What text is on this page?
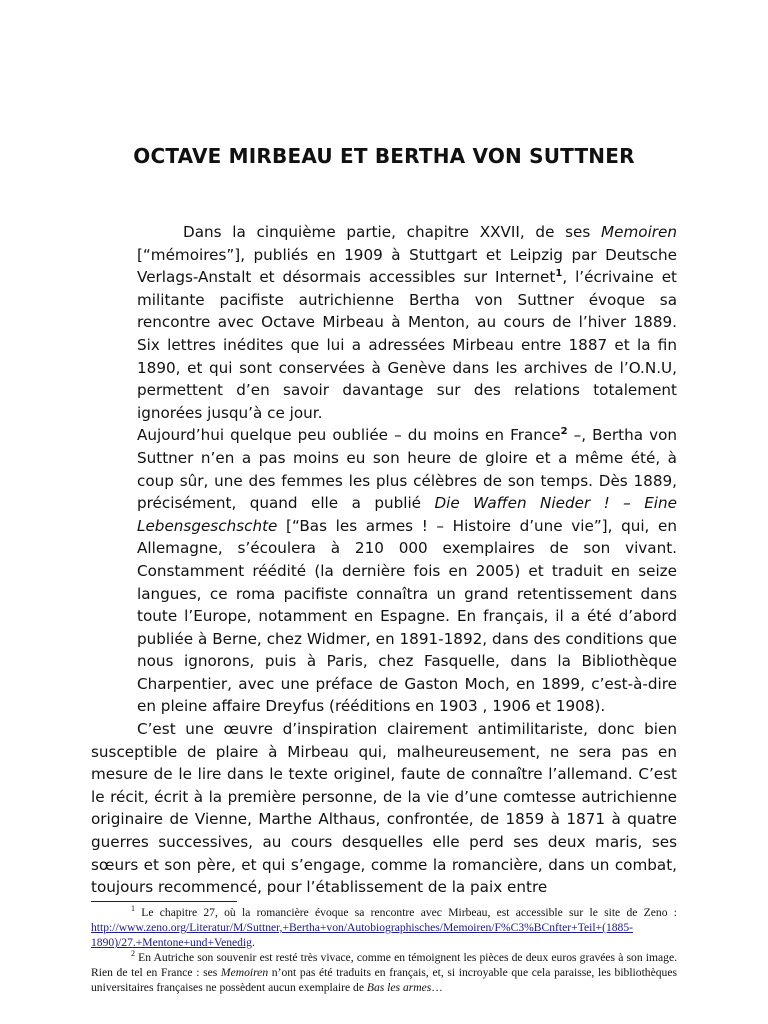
OCTAVE MIRBEAU ET BERTHA VON SUTTNER

Dans la cinquième partie, chapitre XXVII, de ses Memoiren [“mémoires”], publiés en 1909 à Stuttgart et Leipzig par Deutsche Verlags-Anstalt et désormais accessibles sur Internet$^1$, l’écrivaine et militante pacifiste autrichienne Bertha von Suttner évoque sa rencontre avec Octave Mirbeau à Menton, au cours de l’hiver 1889. Six lettres inédites que lui a adressées Mirbeau entre 1887 et la fin 1890, et qui sont conservées à Genève dans les archives de l’O.N.U, permettent d’en savoir davantage sur des relations totalement ignorées jusqu’à ce jour.

Aujourd’hui quelque peu oubliée – du moins en France$^2$ –, Bertha von Suttner n’en a pas moins eu son heure de gloire et a même été, à coup sûr, une des femmes les plus célèbres de son temps. Dès 1889, précisément, quand elle a publié Die Waffen Nieder ! – Eine Lebensgeschschte [“Bas les armes ! – Histoire d’une vie”], qui, en Allemagne, s’écoulera à 210 000 exemplaires de son vivant. Constamment réédité (la dernière fois en 2005) et traduit en seize langues, ce roma pacifiste connaîtra un grand retentissement dans toute l’Europe, notamment en Espagne. En français, il a été d’abord publiée à Berne, chez Widmer, en 1891-1892, dans des conditions que nous ignorons, puis à Paris, chez Fasquelle, dans la Bibliothèque Charpentier, avec une préface de Gaston Moch, en 1899, c’est-à-dire en pleine affaire Dreyfus (rééditions en 1903 , 1906 et 1908).

C’est une œuvre d’inspiration clairement antimilitariste, donc bien susceptible de plaire à Mirbeau qui, malheureusement, ne sera pas en mesure de le lire dans le texte originel, faute de connaître l’allemand. C’est le récit, écrit à la première personne, de la vie d’une comtesse autrichienne originaire de Vienne, Marthe Althaus, confrontée, de 1859 à 1871 à quatre guerres successives, au cours desquelles elle perd ses deux maris, ses sœurs et son père, et qui s’engage, comme la romancière, dans un combat, toujours recommencé, pour l’établissement de la paix entre

$^1$ Le chapitre 27, où la romancière évoque sa rencontre avec Mirbeau, est accessible sur le site de Zeno : http://www.zeno.org/Literatur/M/Suttner,+Bertha+von/Autobiographisches/Memoiren/F%C3%BCnfter+Teil+(1885-1890)/27.+Mentone+und+Venedig.

$^2$ En Autriche son souvenir est resté très vivace, comme en témoignent les pièces de deux euros gravées à son image. Rien de tel en France : ses Memoiren n’ont pas été traduits en français, et, si incroyable que cela paraisse, les bibliothèques universitaires françaises ne possèdent aucun exemplaire de Bas les armes…
